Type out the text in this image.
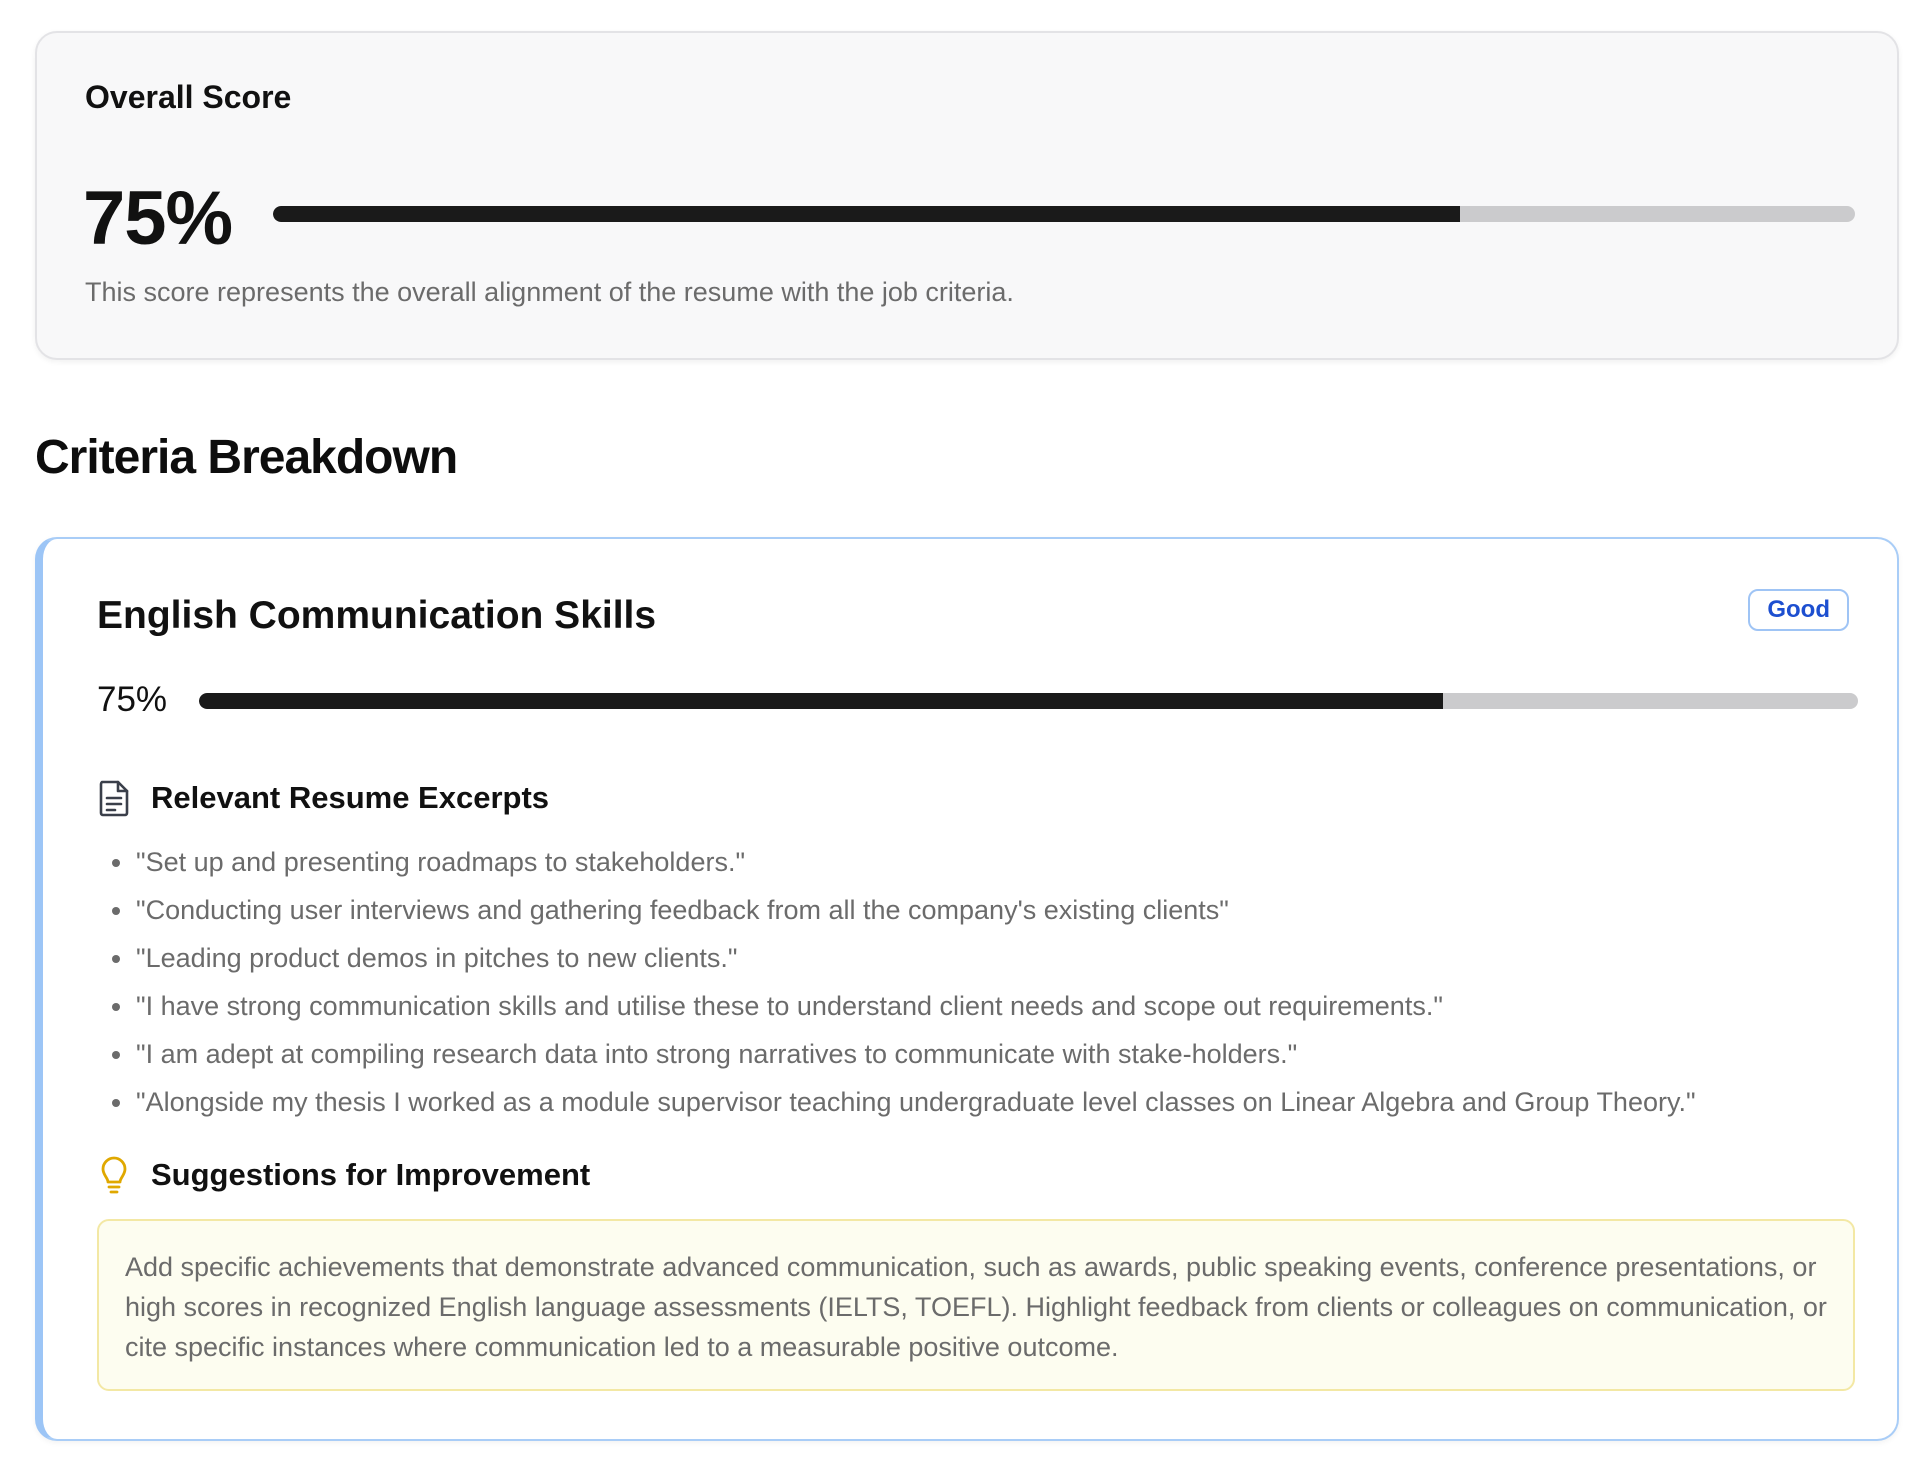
Overall Score
75%
This score represents the overall alignment of the resume with the job criteria.
Criteria Breakdown
English Communication Skills	Good
75%
Relevant Resume Excerpts
"Set up and presenting roadmaps to stakeholders."
"Conducting user interviews and gathering feedback from all the company's existing clients"
"Leading product demos in pitches to new clients."
"I have strong communication skills and utilise these to understand client needs and scope out requirements."
"I am adept at compiling research data into strong narratives to communicate with stake-holders."
"Alongside my thesis I worked as a module supervisor teaching undergraduate level classes on Linear Algebra and Group Theory."
Suggestions for Improvement
Add specific achievements that demonstrate advanced communication, such as awards, public speaking events, conference presentations, or high scores in recognized English language assessments (IELTS, TOEFL). Highlight feedback from clients or colleagues on communication, or cite specific instances where communication led to a measurable positive outcome.
